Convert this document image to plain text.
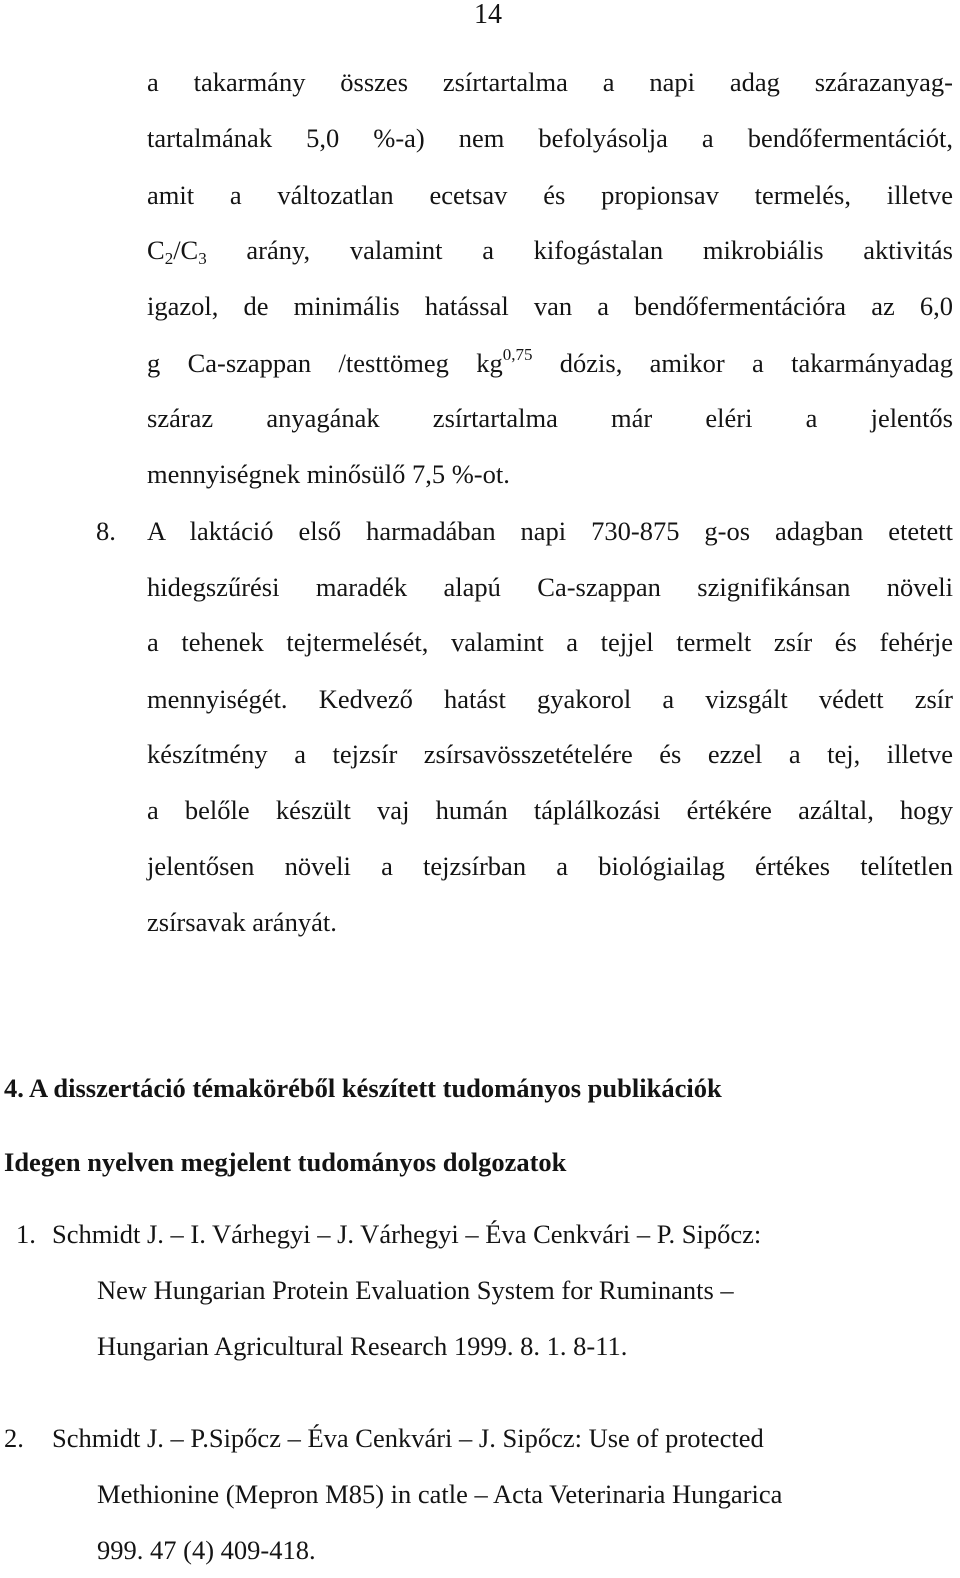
14
a takarmány összes zsírtartalma a napi adag szárazanyag-
tartalmának 5,0 %-a) nem befolyásolja a bendőfermentációt,
amit a változatlan ecetsav és propionsav termelés, illetve
$C_2/C_3$ arány, valamint a kifogástalan mikrobiális aktivitás
igazol, de minimális hatással van a bendőfermentációra az 6,0
g Ca-szappan /testtömeg kg$^{0,75}$ dózis, amikor a takarmányadag
száraz anyagának zsírtartalma már eléri a jelentős
mennyiségnek minősülő 7,5 %-ot.
8. A laktáció első harmadában napi 730-875 g-os adagban etetett
hidegszűrési maradék alapú Ca-szappan szignifikánsan növeli
a tehenek tejtermelését, valamint a tejjel termelt zsír és fehérje
mennyiségét. Kedvező hatást gyakorol a vizsgált védett zsír
készítmény a tejzsír zsírsavösszetételére és ezzel a tej, illetve
a belőle készült vaj humán táplálkozási értékére azáltal, hogy
jelentősen növeli a tejzsírban a biológiailag értékes telítetlen
zsírsavak arányát.
4. A disszertáció témaköréből készített tudományos publikációk
Idegen nyelven megjelent tudományos dolgozatok
1. Schmidt J. – I. Várhegyi – J. Várhegyi – Éva Cenkvári – P. Sipőcz:
New Hungarian Protein Evaluation System for Ruminants –
Hungarian Agricultural Research 1999. 8. 1. 8-11.
2. Schmidt J. – P.Sipőcz – Éva Cenkvári – J. Sipőcz: Use of protected
Methionine (Mepron M85) in catle – Acta Veterinaria Hungarica
999. 47 (4) 409-418.
